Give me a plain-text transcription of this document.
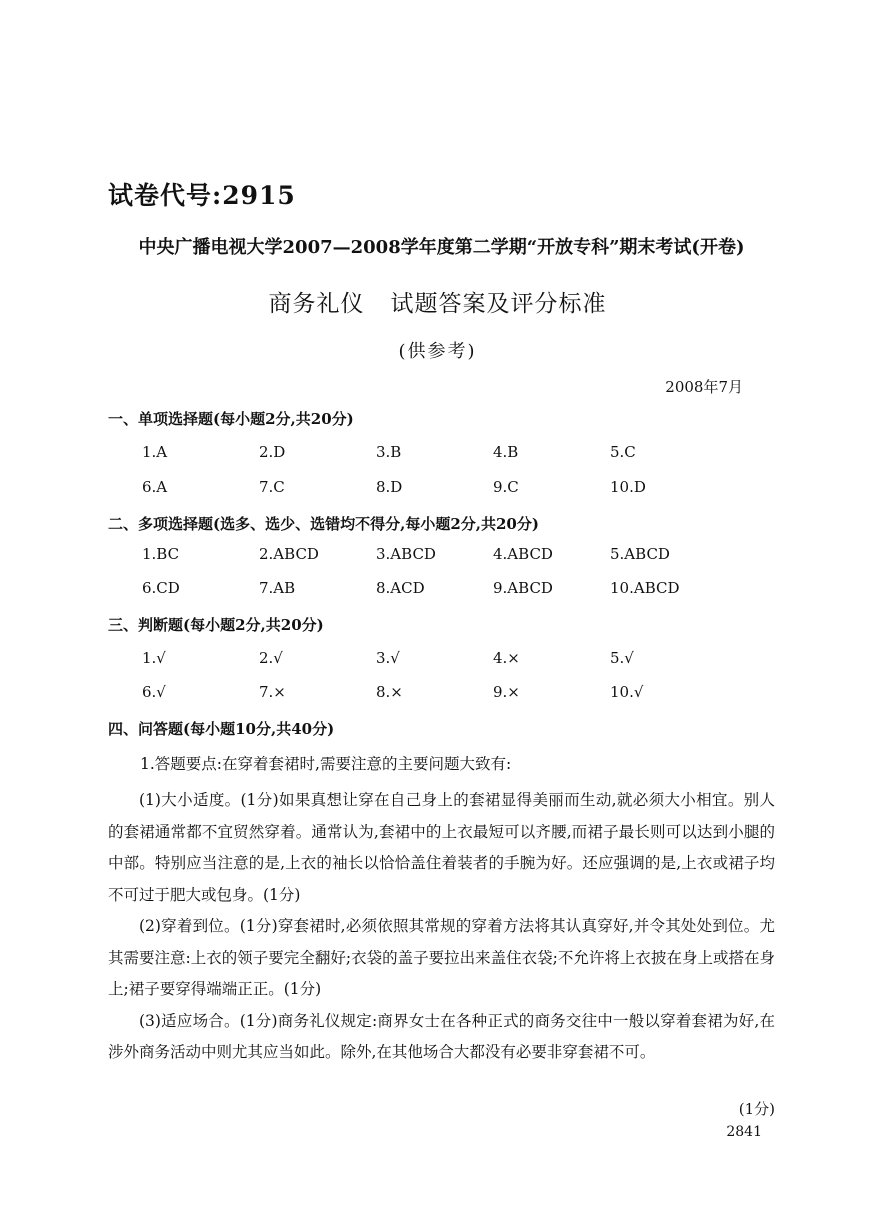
试卷代号:2915
中央广播电视大学2007—2008学年度第二学期“开放专科”期末考试(开卷)
商务礼仪 试题答案及评分标准
(供参考)
2008年7月
一、单项选择题(每小题2分,共20分)
1.A	2.D	3.B	4.B	5.C
6.A	7.C	8.D	9.C	10.D
二、多项选择题(选多、选少、选错均不得分,每小题2分,共20分)
1.BC	2.ABCD	3.ABCD	4.ABCD	5.ABCD
6.CD	7.AB	8.ACD	9.ABCD	10.ABCD
三、判断题(每小题2分,共20分)
1.√	2.√	3.√	4.×	5.√
6.√	7.×	8.×	9.×	10.√
四、问答题(每小题10分,共40分)
1.答题要点:在穿着套裙时,需要注意的主要问题大致有:

(1)大小适度。(1分)如果真想让穿在自己身上的套裙显得美丽而生动,就必须大小相宜。别人的套裙通常都不宜贸然穿着。通常认为,套裙中的上衣最短可以齐腰,而裙子最长则可以达到小腿的中部。特别应当注意的是,上衣的袖长以恰恰盖住着装者的手腕为好。还应强调的是,上衣或裙子均不可过于肥大或包身。(1分)

(2)穿着到位。(1分)穿套裙时,必须依照其常规的穿着方法将其认真穿好,并令其处处到位。尤其需要注意:上衣的领子要完全翻好;衣袋的盖子要拉出来盖住衣袋;不允许将上衣披在身上或搭在身上;裙子要穿得端端正正。(1分)

(3)适应场合。(1分)商务礼仪规定:商界女士在各种正式的商务交往中一般以穿着套裙为好,在涉外商务活动中则尤其应当如此。除外,在其他场合大都没有必要非穿套裙不可。

(1分)
2841
